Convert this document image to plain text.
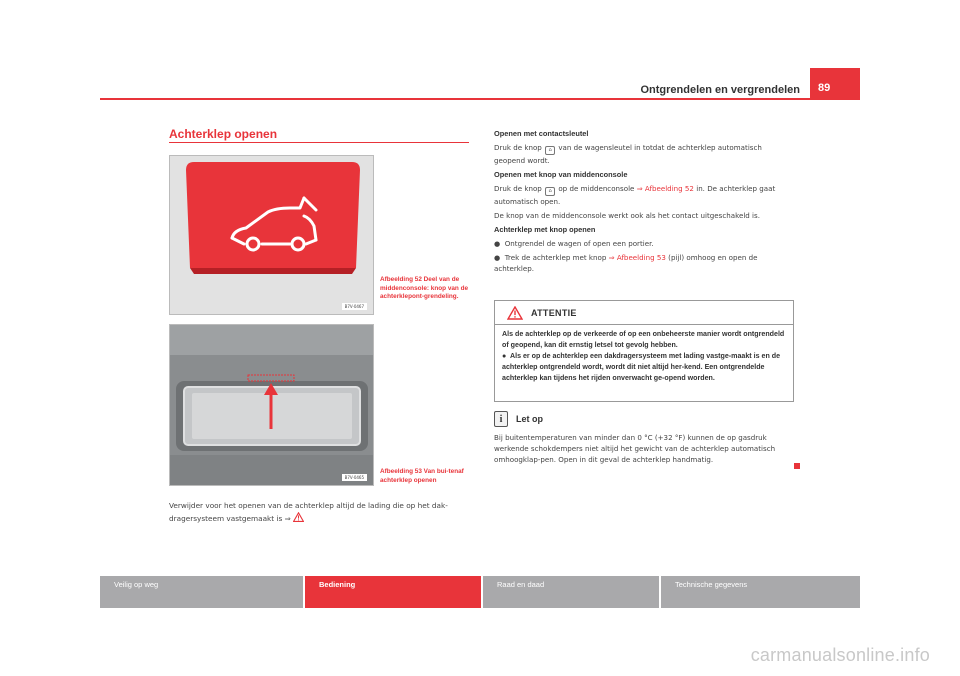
Ontgrendelen en vergrendelen	89
Achterklep openen
B7V-0467
Afbeelding 52 Deel van de middenconsole: knop van de achterklepont-grendeling.
B7V-0465
Afbeelding 53 Van bui-tenaf achterklep openen
Verwijder voor het openen van de achterklep altijd de lading die op het dak-dragersysteem vastgemaakt is ⇒

Openen met contactsleutel

Druk de knop ⌂ van de wagensleutel in totdat de achterklep automatisch geopend wordt.

Openen met knop van middenconsole

Druk de knop ⌂ op de middenconsole ⇒ Afbeelding 52 in. De achterklep gaat automatisch open.

De knop van de middenconsole werkt ook als het contact uitgeschakeld is.

Achterklep met knop openen

●  Ontgrendel de wagen of open een portier.

●  Trek de achterklep met knop ⇒ Afbeelding 53 (pijl) omhoog en open de achterklep.

ATTENTIE

Als de achterklep op de verkeerde of op een onbeheerste manier wordt ontgrendeld of geopend, kan dit ernstig letsel tot gevolg hebben.

●  Als er op de achterklep een dakdragersysteem met lading vastge-maakt is en de achterklep ontgrendeld wordt, wordt dit niet altijd her-kend. Een ontgrendelde achterklep kan tijdens het rijden onverwacht ge-opend worden.

i	Let op

Bij buitentemperaturen van minder dan 0 °C (+32 °F) kunnen de op gasdruk werkende schokdempers niet altijd het gewicht van de achterklep automatisch omhoogklap-pen. Open in dit geval de achterklep handmatig.

Veilig op weg	Bediening	Raad en daad	Technische gegevens
carmanualsonline.info
